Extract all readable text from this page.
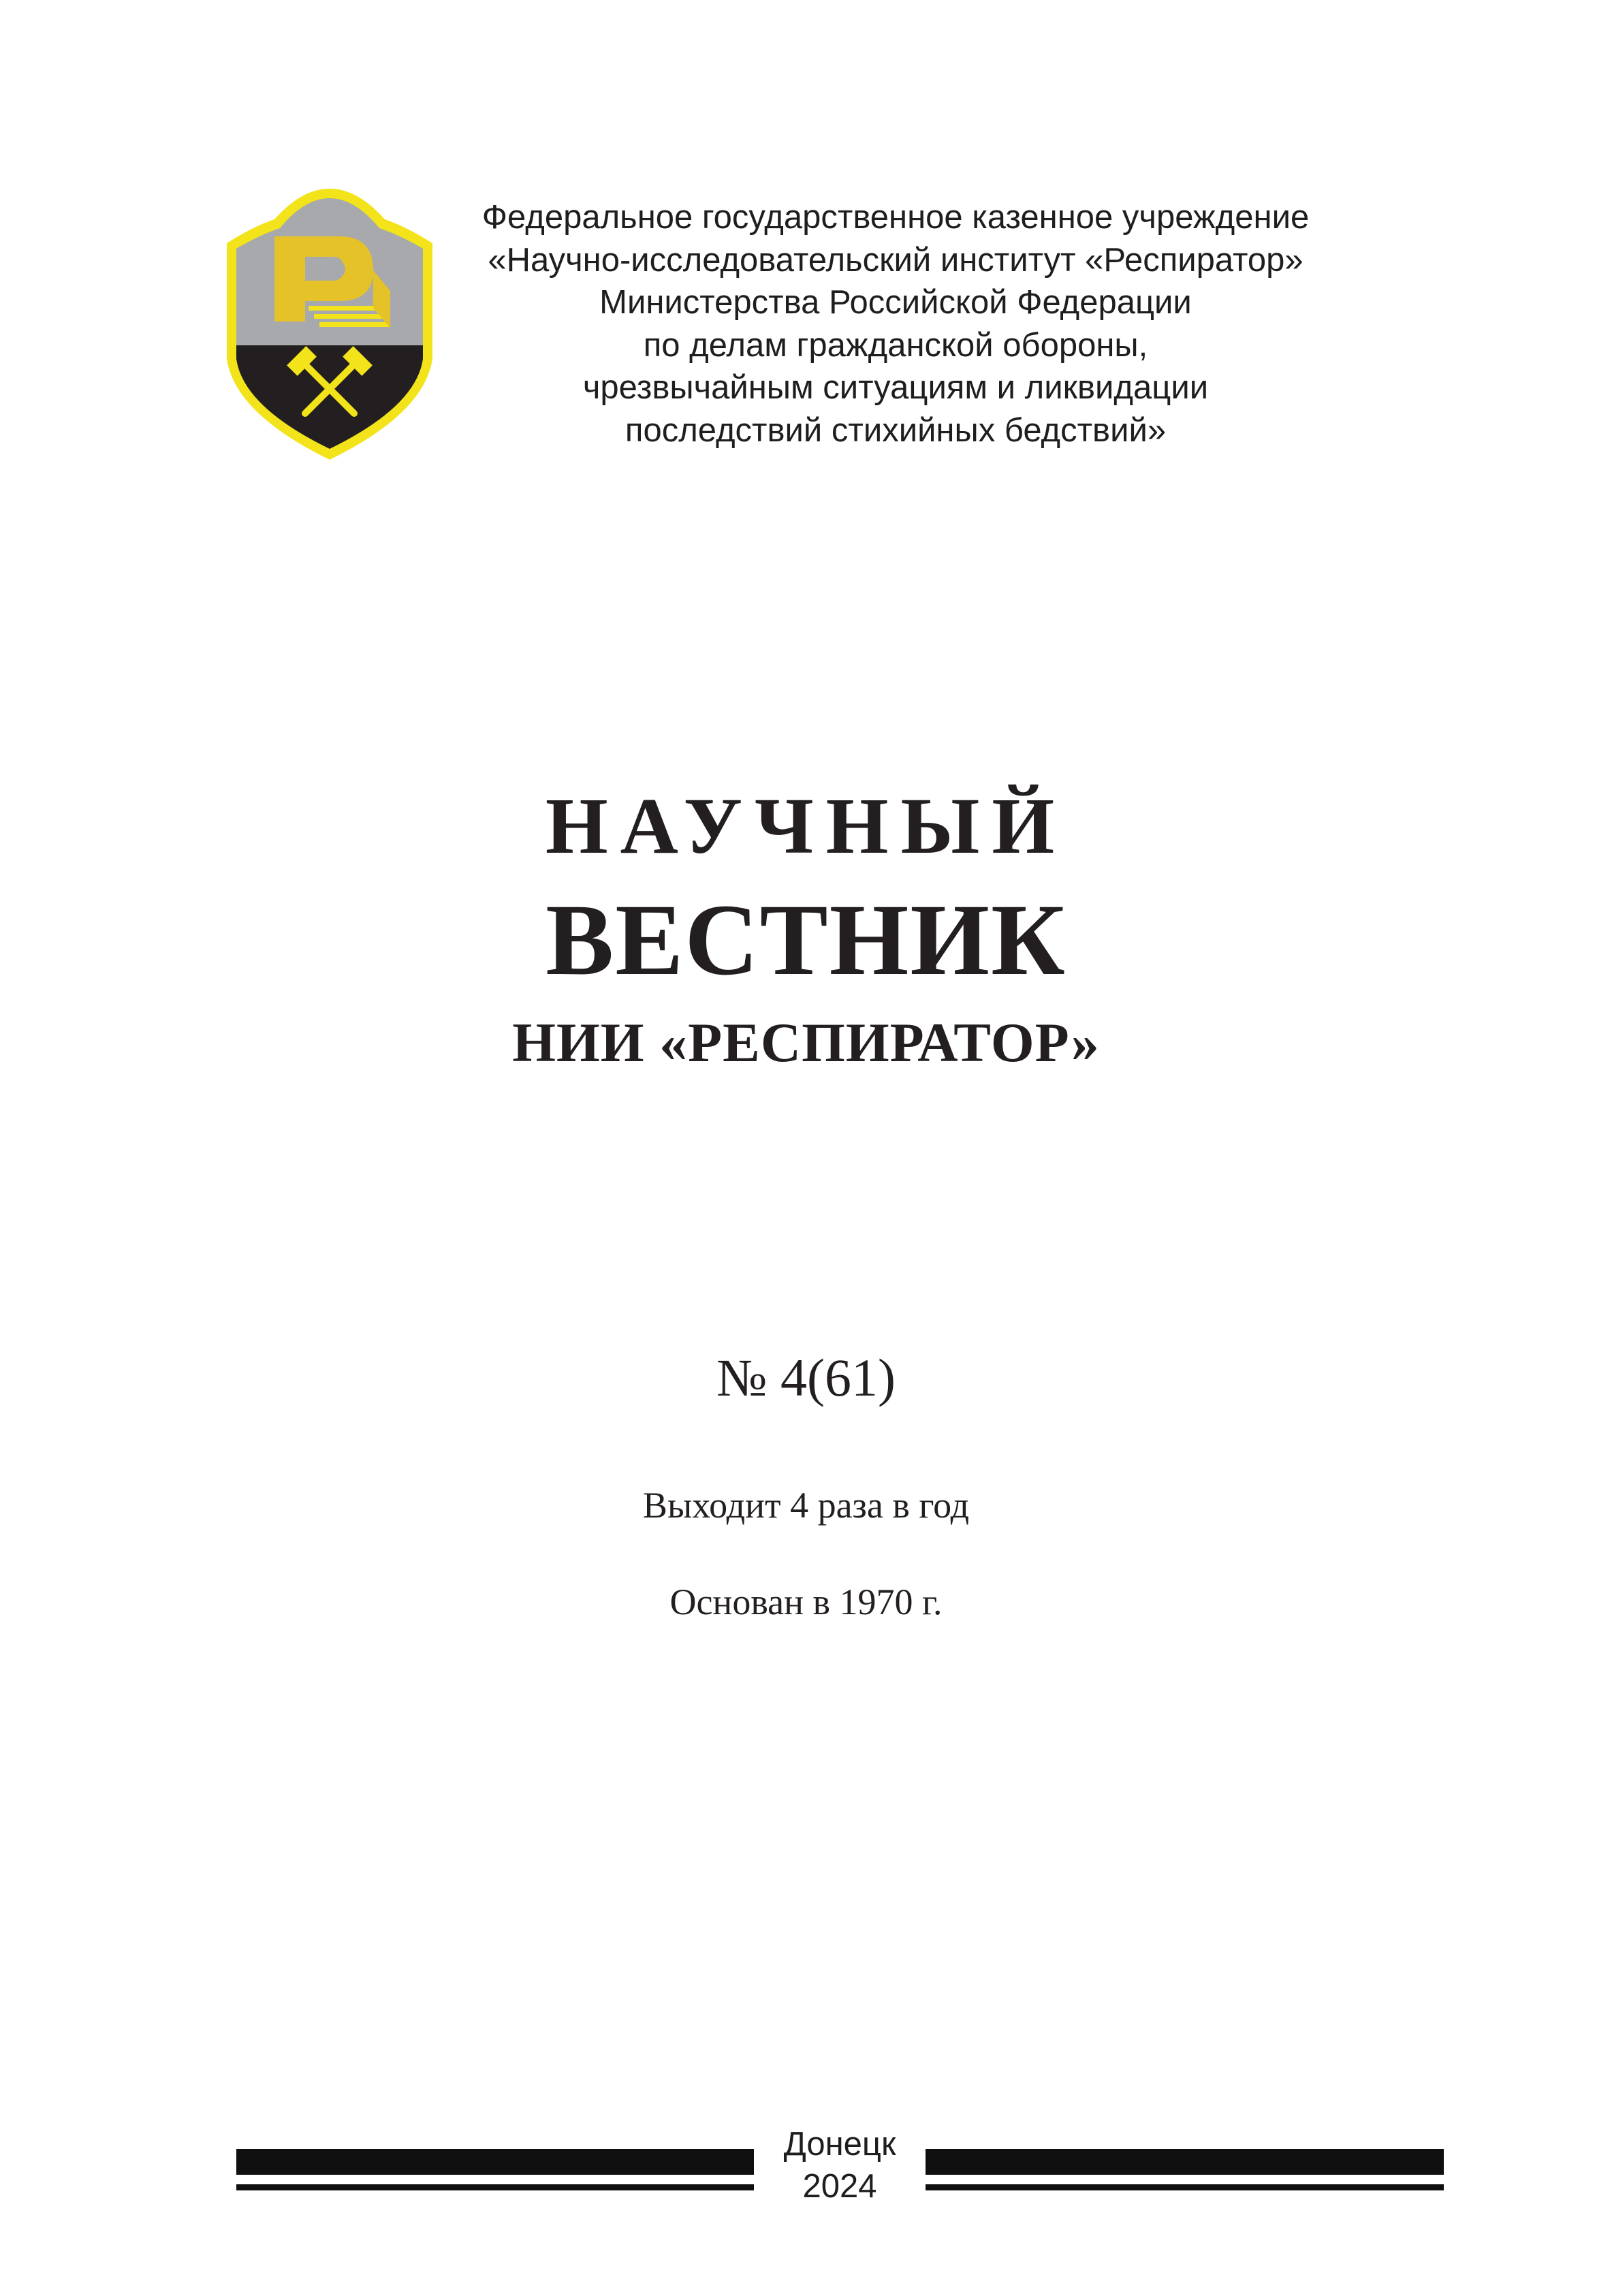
Федеральное государственное казенное учреждение
«Научно-исследовательский институт «Респиратор»
Министерства Российской Федерации
по делам гражданской обороны,
чрезвычайным ситуациям и ликвидации
последствий стихийных бедствий»
НАУЧНЫЙ
ВЕСТНИК
НИИ «РЕСПИРАТОР»
№ 4(61)
Выходит 4 раза в год
Основан в 1970 г.
Донецк
2024
